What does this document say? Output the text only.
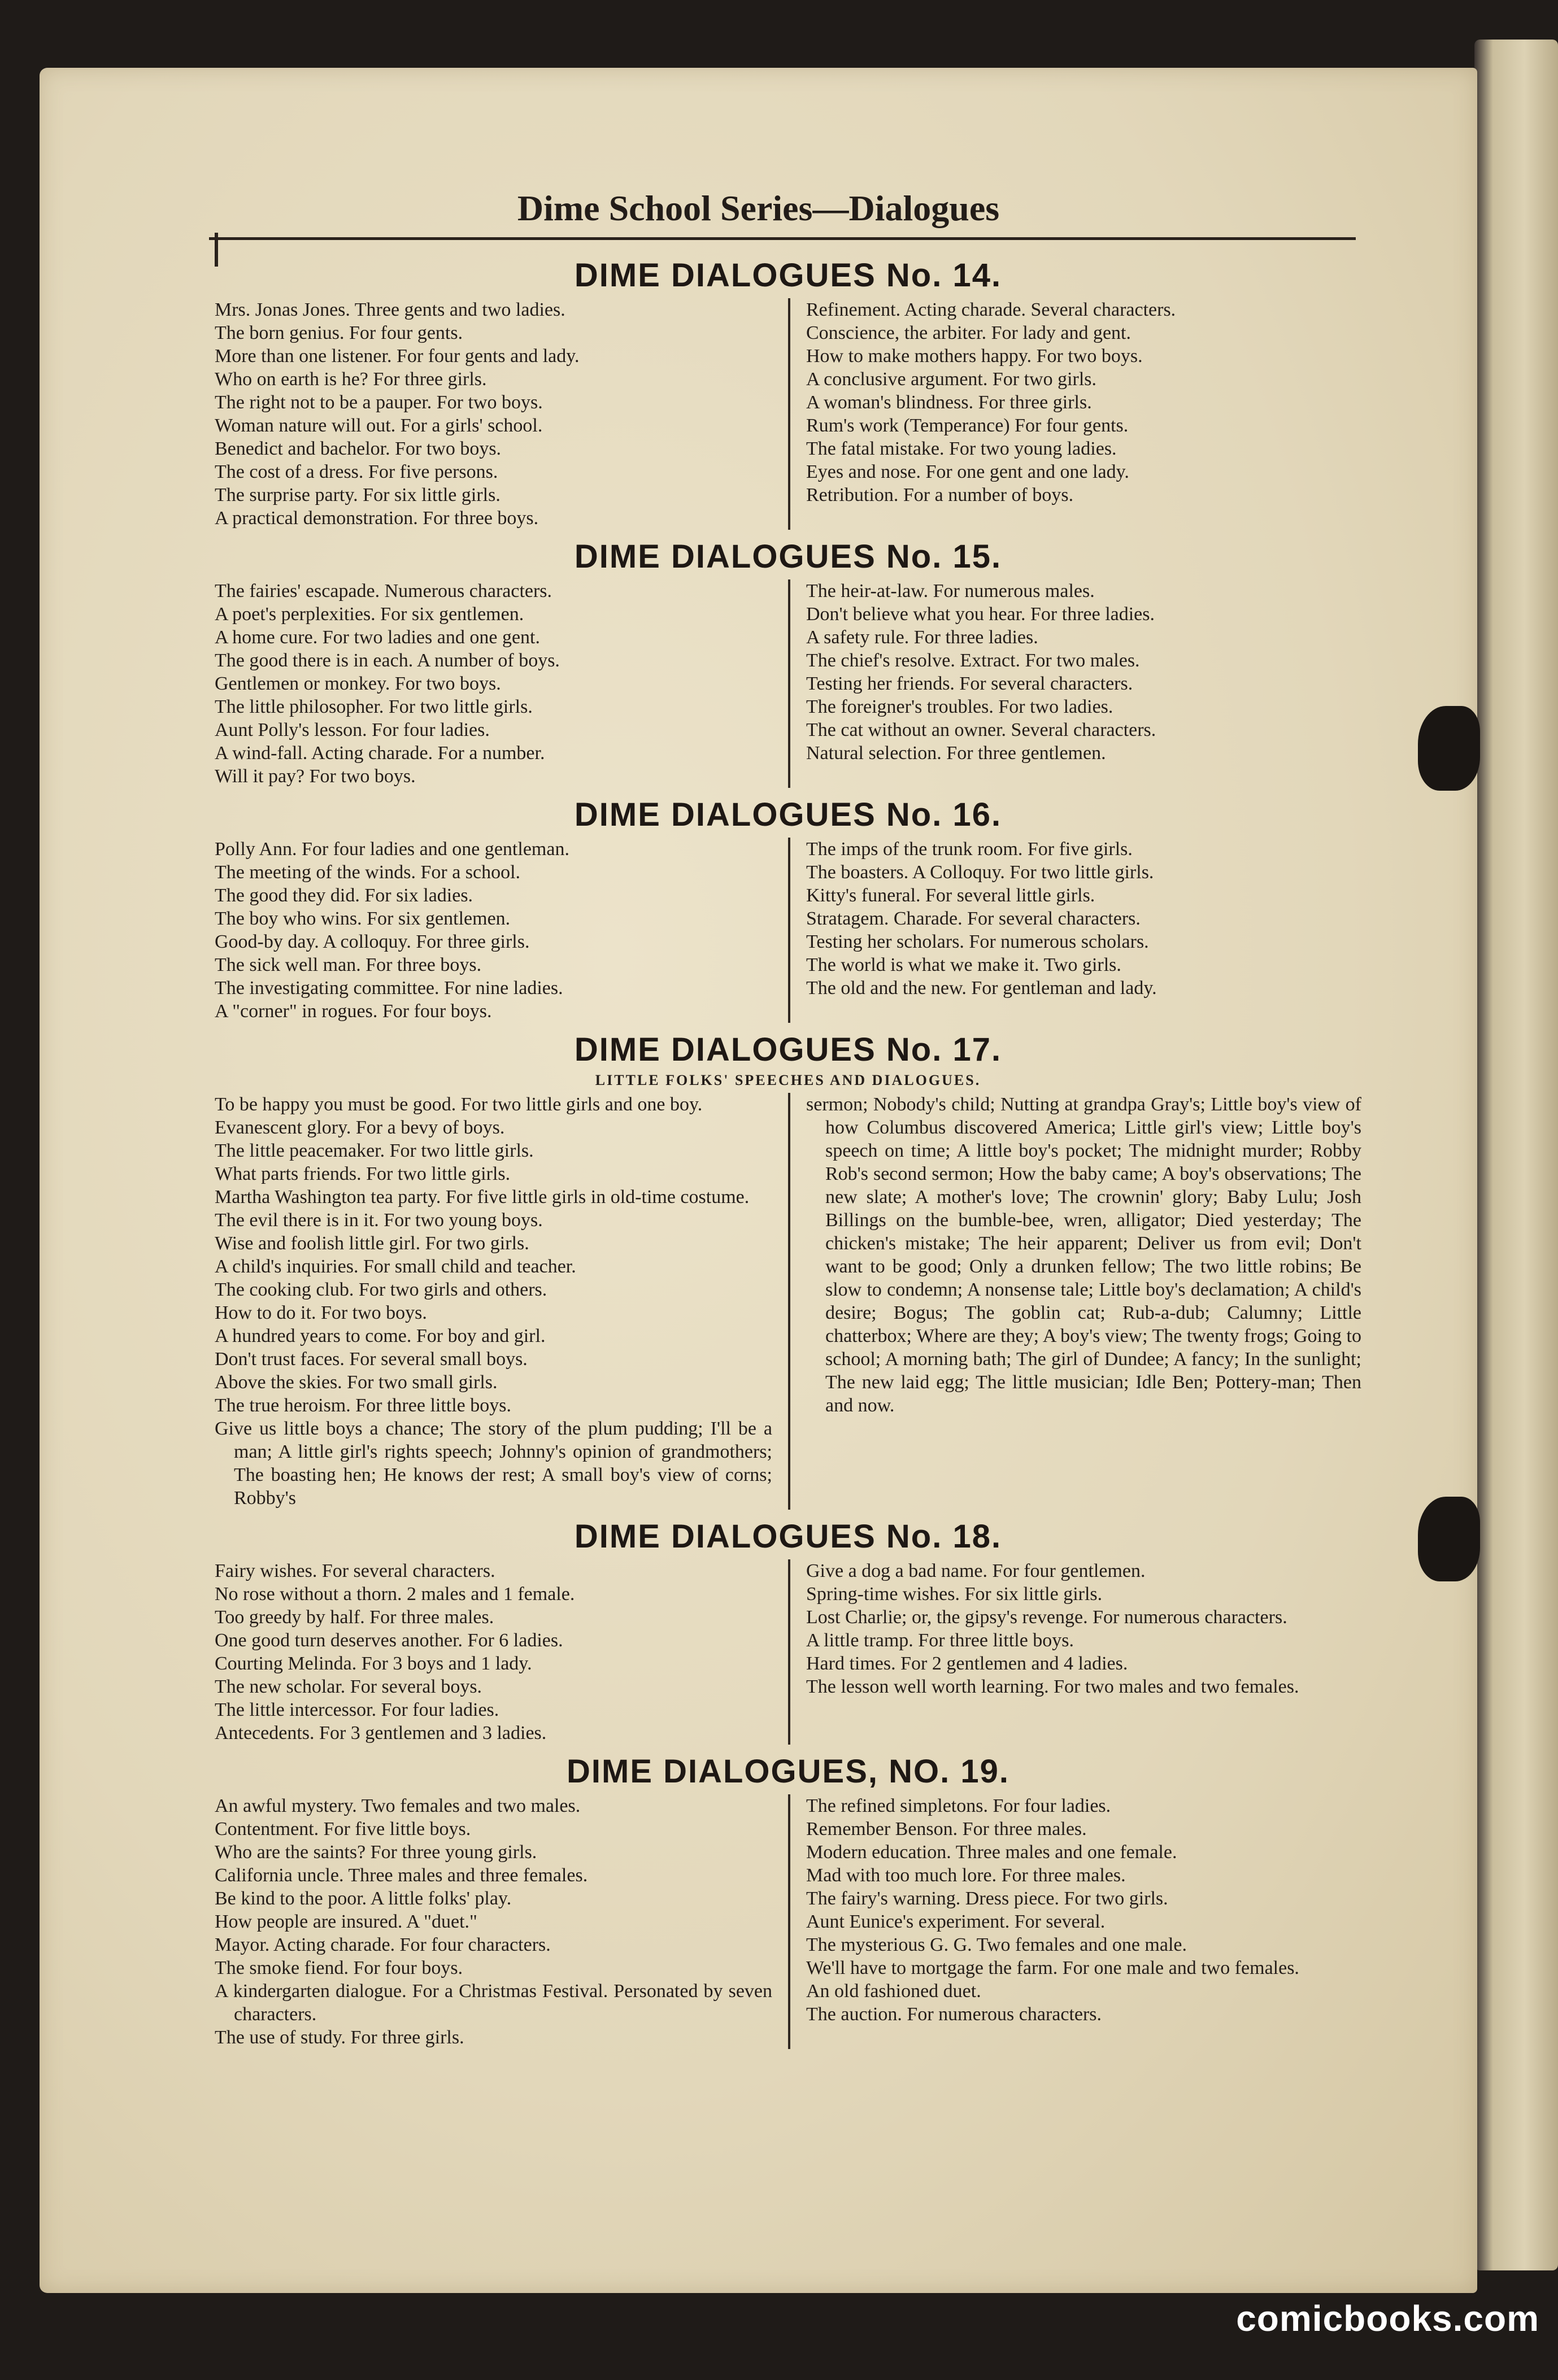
Dime School Series—Dialogues
DIME DIALOGUES No. 14.
Mrs. Jonas Jones. Three gents and two ladies.
The born genius. For four gents.
More than one listener. For four gents and lady.
Who on earth is he? For three girls.
The right not to be a pauper. For two boys.
Woman nature will out. For a girls' school.
Benedict and bachelor. For two boys.
The cost of a dress. For five persons.
The surprise party. For six little girls.
A practical demonstration. For three boys.
Refinement. Acting charade. Several characters.
Conscience, the arbiter. For lady and gent.
How to make mothers happy. For two boys.
A conclusive argument. For two girls.
A woman's blindness. For three girls.
Rum's work (Temperance) For four gents.
The fatal mistake. For two young ladies.
Eyes and nose. For one gent and one lady.
Retribution. For a number of boys.
DIME DIALOGUES No. 15.
The fairies' escapade. Numerous characters.
A poet's perplexities. For six gentlemen.
A home cure. For two ladies and one gent.
The good there is in each. A number of boys.
Gentlemen or monkey. For two boys.
The little philosopher. For two little girls.
Aunt Polly's lesson. For four ladies.
A wind-fall. Acting charade. For a number.
Will it pay? For two boys.
The heir-at-law. For numerous males.
Don't believe what you hear. For three ladies.
A safety rule. For three ladies.
The chief's resolve. Extract. For two males.
Testing her friends. For several characters.
The foreigner's troubles. For two ladies.
The cat without an owner. Several characters.
Natural selection. For three gentlemen.
DIME DIALOGUES No. 16.
Polly Ann. For four ladies and one gentleman.
The meeting of the winds. For a school.
The good they did. For six ladies.
The boy who wins. For six gentlemen.
Good-by day. A colloquy. For three girls.
The sick well man. For three boys.
The investigating committee. For nine ladies.
A "corner" in rogues. For four boys.
The imps of the trunk room. For five girls.
The boasters. A Colloquy. For two little girls.
Kitty's funeral. For several little girls.
Stratagem. Charade. For several characters.
Testing her scholars. For numerous scholars.
The world is what we make it. Two girls.
The old and the new. For gentleman and lady.
DIME DIALOGUES No. 17.
LITTLE FOLKS' SPEECHES AND DIALOGUES.
To be happy you must be good. For two little girls and one boy.
Evanescent glory. For a bevy of boys.
The little peacemaker. For two little girls.
What parts friends. For two little girls.
Martha Washington tea party. For five little girls in old-time costume.
The evil there is in it. For two young boys.
Wise and foolish little girl. For two girls.
A child's inquiries. For small child and teacher.
The cooking club. For two girls and others.
How to do it. For two boys.
A hundred years to come. For boy and girl.
Don't trust faces. For several small boys.
Above the skies. For two small girls.
The true heroism. For three little boys.
Give us little boys a chance; The story of the plum pudding; I'll be a man; A little girl's rights speech; Johnny's opinion of grandmothers; The boasting hen; He knows der rest; A small boy's view of corns; Robby's
sermon; Nobody's child; Nutting at grandpa Gray's; Little boy's view of how Columbus discovered America; Little girl's view; Little boy's speech on time; A little boy's pocket; The midnight murder; Robby Rob's second sermon; How the baby came; A boy's observations; The new slate; A mother's love; The crownin' glory; Baby Lulu; Josh Billings on the bumble-bee, wren, alligator; Died yesterday; The chicken's mistake; The heir apparent; Deliver us from evil; Don't want to be good; Only a drunken fellow; The two little robins; Be slow to condemn; A nonsense tale; Little boy's declamation; A child's desire; Bogus; The goblin cat; Rub-a-dub; Calumny; Little chatterbox; Where are they; A boy's view; The twenty frogs; Going to school; A morning bath; The girl of Dundee; A fancy; In the sunlight; The new laid egg; The little musician; Idle Ben; Pottery-man; Then and now.
DIME DIALOGUES No. 18.
Fairy wishes. For several characters.
No rose without a thorn. 2 males and 1 female.
Too greedy by half. For three males.
One good turn deserves another. For 6 ladies.
Courting Melinda. For 3 boys and 1 lady.
The new scholar. For several boys.
The little intercessor. For four ladies.
Antecedents. For 3 gentlemen and 3 ladies.
Give a dog a bad name. For four gentlemen.
Spring-time wishes. For six little girls.
Lost Charlie; or, the gipsy's revenge. For numerous characters.
A little tramp. For three little boys.
Hard times. For 2 gentlemen and 4 ladies.
The lesson well worth learning. For two males and two females.
DIME DIALOGUES, NO. 19.
An awful mystery. Two females and two males.
Contentment. For five little boys.
Who are the saints? For three young girls.
California uncle. Three males and three females.
Be kind to the poor. A little folks' play.
How people are insured. A "duet."
Mayor. Acting charade. For four characters.
The smoke fiend. For four boys.
A kindergarten dialogue. For a Christmas Festival. Personated by seven characters.
The use of study. For three girls.
The refined simpletons. For four ladies.
Remember Benson. For three males.
Modern education. Three males and one female.
Mad with too much lore. For three males.
The fairy's warning. Dress piece. For two girls.
Aunt Eunice's experiment. For several.
The mysterious G. G. Two females and one male.
We'll have to mortgage the farm. For one male and two females.
An old fashioned duet.
The auction. For numerous characters.
comicbooks.com
